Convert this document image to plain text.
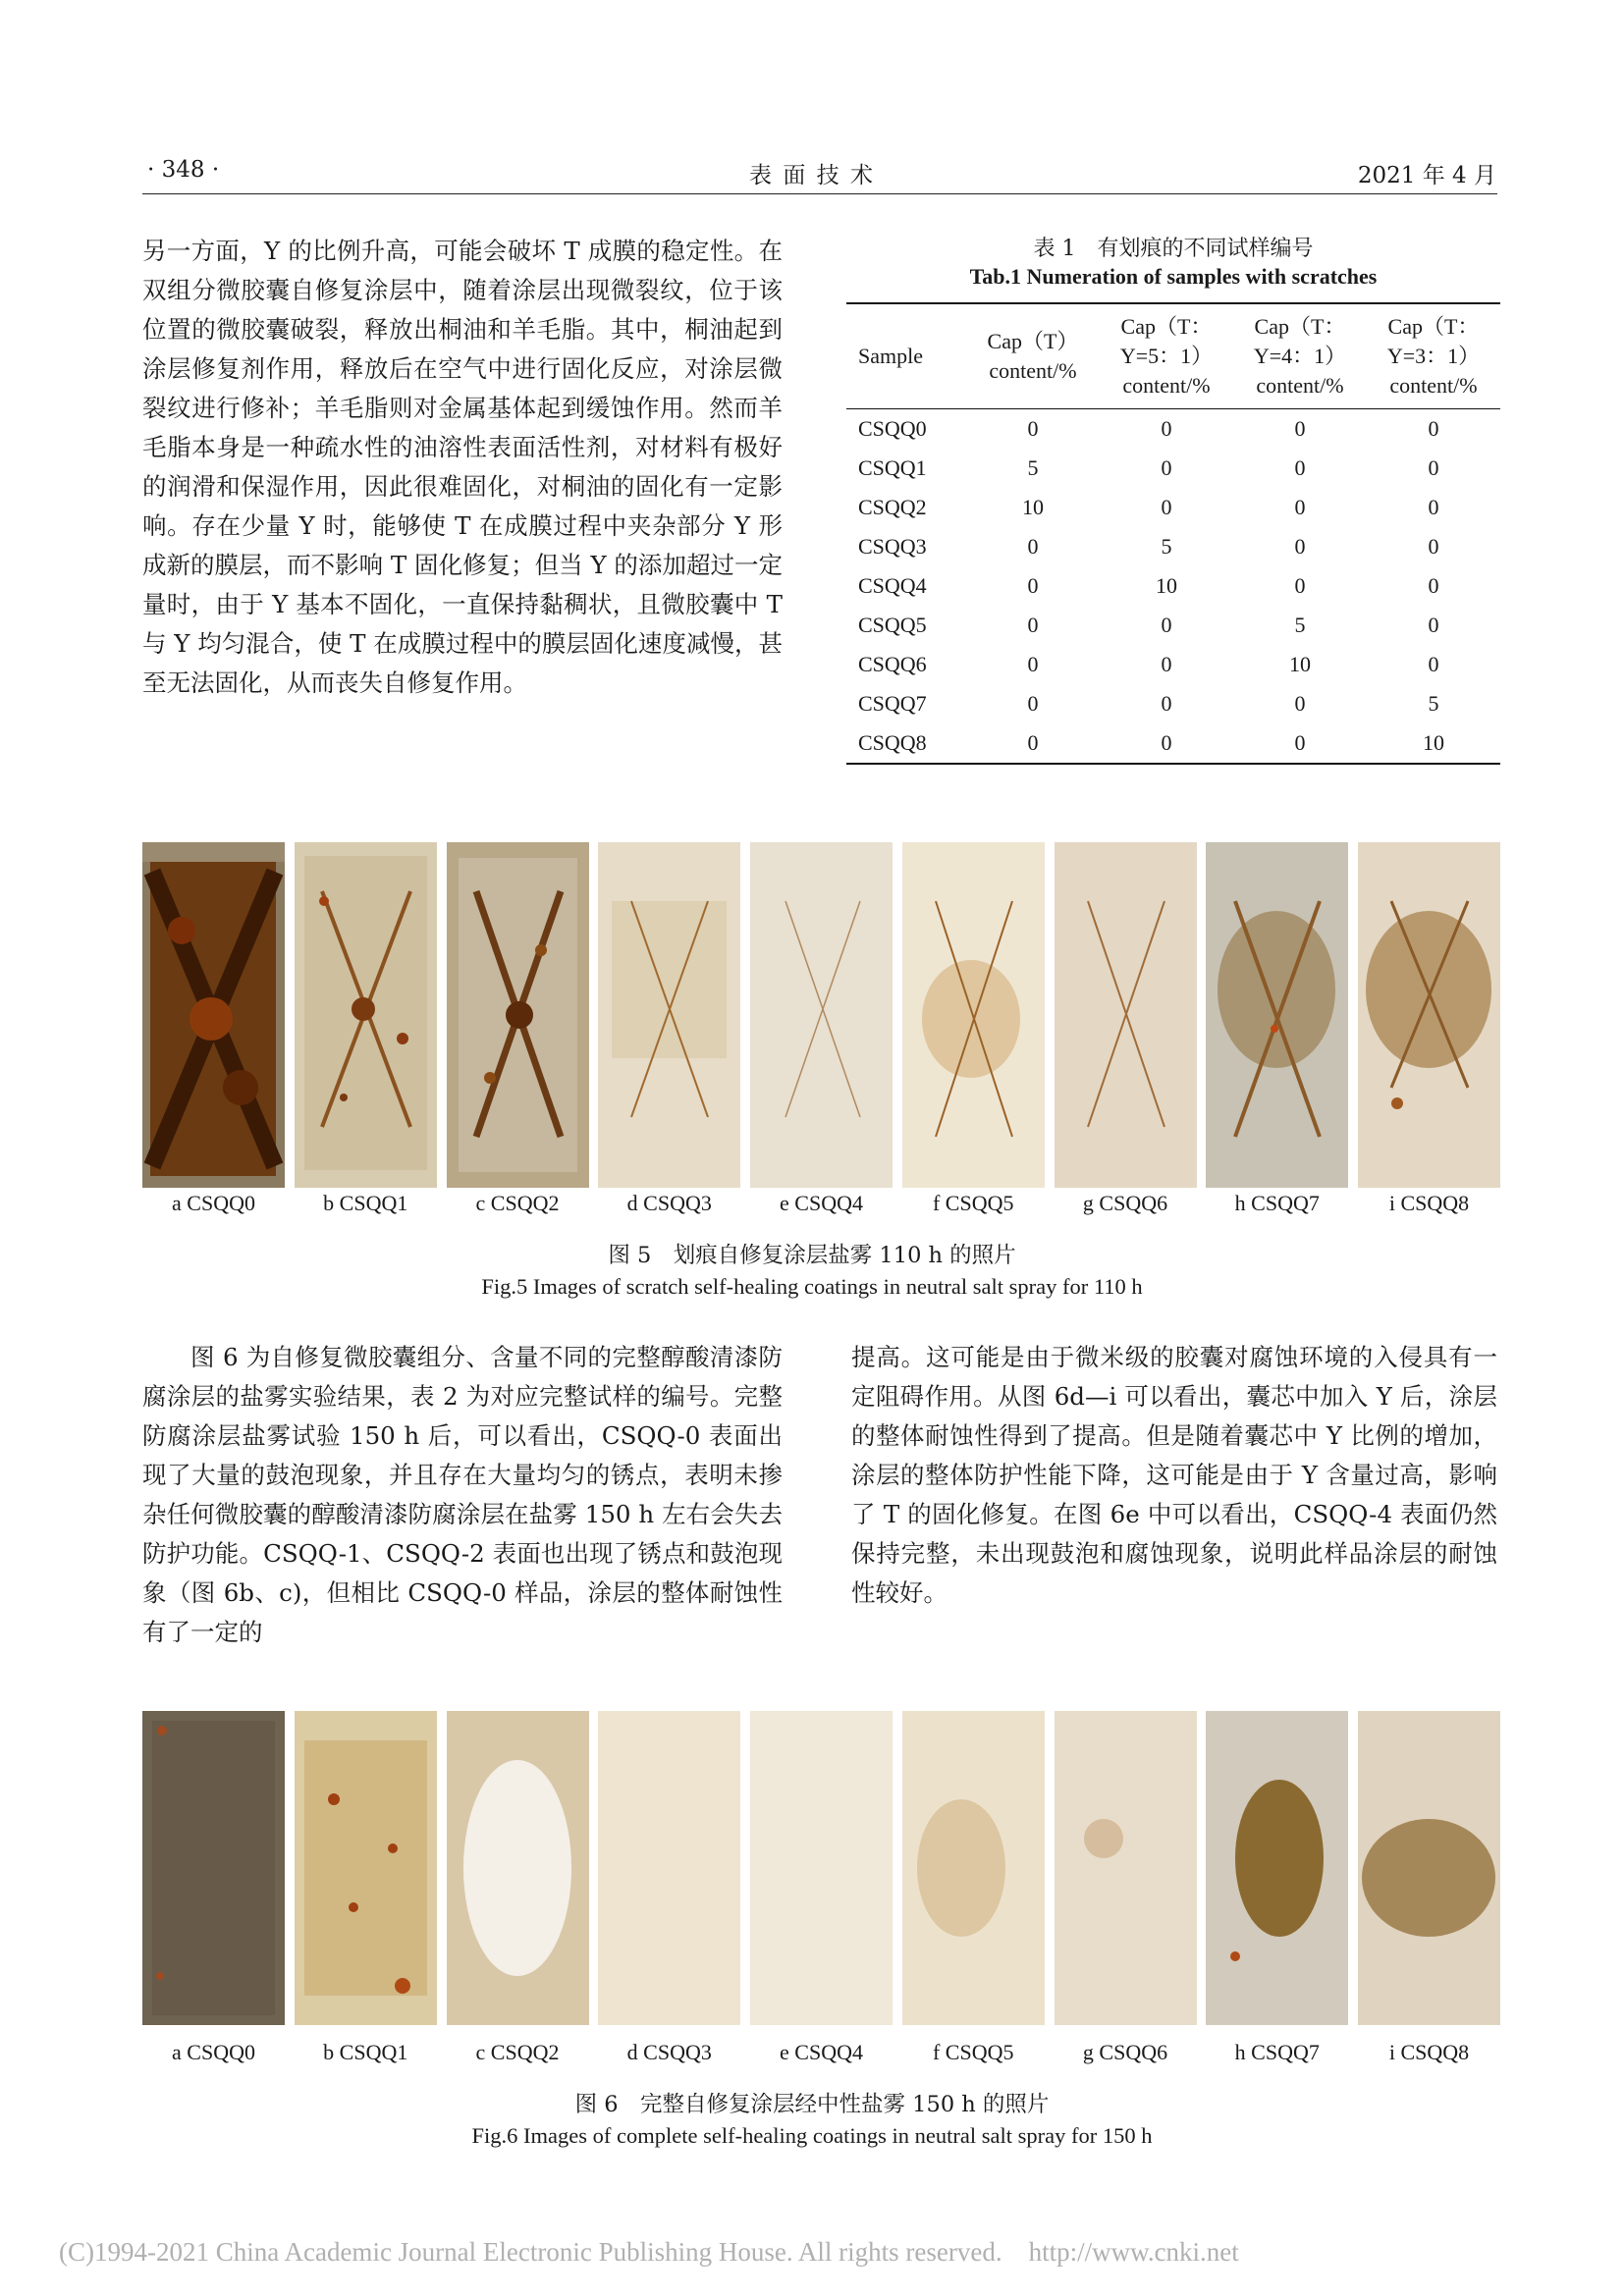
· 348 ·	表 面 技 术	2021 年 4 月

另一方面，Y 的比例升高，可能会破坏 T 成膜的稳定性。在双组分微胶囊自修复涂层中，随着涂层出现微裂纹，位于该位置的微胶囊破裂，释放出桐油和羊毛脂。其中，桐油起到涂层修复剂作用，释放后在空气中进行固化反应，对涂层微裂纹进行修补；羊毛脂则对金属基体起到缓蚀作用。然而羊毛脂本身是一种疏水性的油溶性表面活性剂，对材料有极好的润滑和保湿作用，因此很难固化，对桐油的固化有一定影响。存在少量 Y 时，能够使 T 在成膜过程中夹杂部分 Y 形成新的膜层，而不影响 T 固化修复；但当 Y 的添加超过一定量时，由于 Y 基本不固化，一直保持黏稠状，且微胶囊中 T 与 Y 均匀混合，使 T 在成膜过程中的膜层固化速度减慢，甚至无法固化，从而丧失自修复作用。

表 1　有划痕的不同试样编号
Tab.1 Numeration of samples with scratches
Sample	Cap（T）content/%	Cap（T：Y=5：1）content/%	Cap（T：Y=4：1）content/%	Cap（T：Y=3：1）content/%
CSQQ0	0	0	0	0
CSQQ1	5	0	0	0
CSQQ2	10	0	0	0
CSQQ3	0	5	0	0
CSQQ4	0	10	0	0
CSQQ5	0	0	5	0
CSQQ6	0	0	10	0
CSQQ7	0	0	0	5
CSQQ8	0	0	0	10
a CSQQ0	b CSQQ1	c CSQQ2	d CSQQ3	e CSQQ4	f CSQQ5	g CSQQ6	h CSQQ7	i CSQQ8
图 5　划痕自修复涂层盐雾 110 h 的照片
Fig.5 Images of scratch self-healing coatings in neutral salt spray for 110 h

图 6 为自修复微胶囊组分、含量不同的完整醇酸清漆防腐涂层的盐雾实验结果，表 2 为对应完整试样的编号。完整防腐涂层盐雾试验 150 h 后，可以看出，CSQQ-0 表面出现了大量的鼓泡现象，并且存在大量均匀的锈点，表明未掺杂任何微胶囊的醇酸清漆防腐涂层在盐雾 150 h 左右会失去防护功能。CSQQ-1、CSQQ-2 表面也出现了锈点和鼓泡现象（图 6b、c)，但相比 CSQQ-0 样品，涂层的整体耐蚀性有了一定的

提高。这可能是由于微米级的胶囊对腐蚀环境的入侵具有一定阻碍作用。从图 6d—i 可以看出，囊芯中加入 Y 后，涂层的整体耐蚀性得到了提高。但是随着囊芯中 Y 比例的增加，涂层的整体防护性能下降，这可能是由于 Y 含量过高，影响了 T 的固化修复。在图 6e 中可以看出，CSQQ-4 表面仍然保持完整，未出现鼓泡和腐蚀现象，说明此样品涂层的耐蚀性较好。

a CSQQ0	b CSQQ1	c CSQQ2	d CSQQ3	e CSQQ4	f CSQQ5	g CSQQ6	h CSQQ7	i CSQQ8
图 6　完整自修复涂层经中性盐雾 150 h 的照片
Fig.6 Images of complete self-healing coatings in neutral salt spray for 150 h
(C)1994-2021 China Academic Journal Electronic Publishing House. All rights reserved.　http://www.cnki.net
